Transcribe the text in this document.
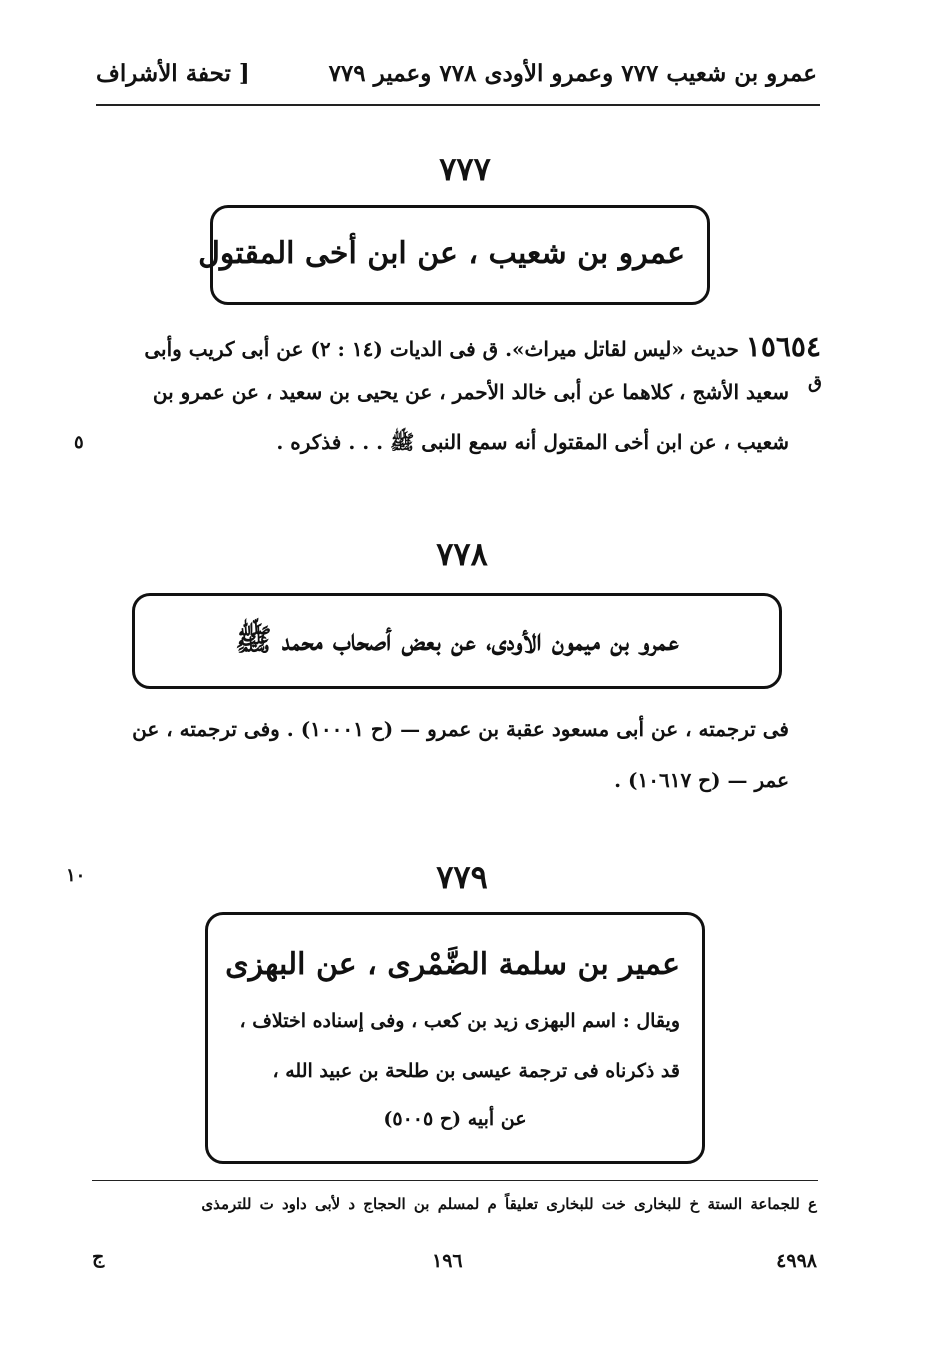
عمرو بن شعيب ٧٧٧ وعمرو الأودى ٧٧٨ وعمير ٧٧٩
[ تحفة الأشراف
٧٧٧
عمرو بن شعيب ، عن ابن أخى المقتول
١٥٦٥٤ حديث «ليس لقاتل ميراث». ق فى الديات (١٤ : ٢) عن أبى كريب وأبى
سعيد الأشج ، كلاهما عن أبى خالد الأحمر ، عن يحيى بن سعيد ، عن عمرو بن ق
شعيب ، عن ابن أخى المقتول أنه سمع النبى ﷺ . . . فذكره .
٥
٧٧٨
عمرو بن ميمون الأودى، عن بعض أصحاب محمد ﷺ
فى ترجمته ، عن أبى مسعود عقبة بن عمرو — (ح ١٠٠٠١) . وفى ترجمته ، عن
عمر — (ح ١٠٦١٧) .
٧٧٩
١٠
عمير بن سلمة الضَّمْرى ، عن البهزى
ويقال : اسم البهزى زيد بن كعب ، وفى إسناده اختلاف ،
قد ذكرناه فى ترجمة عيسى بن طلحة بن عبيد الله ،
عن أبيه (ح ٥٠٠٥)
ع للجماعة الستة خ للبخارى خت للبخارى تعليقاً م لمسلم بن الحجاج د لأبى داود ت للترمذى
١٩٦
ج	٤٩٩٨
